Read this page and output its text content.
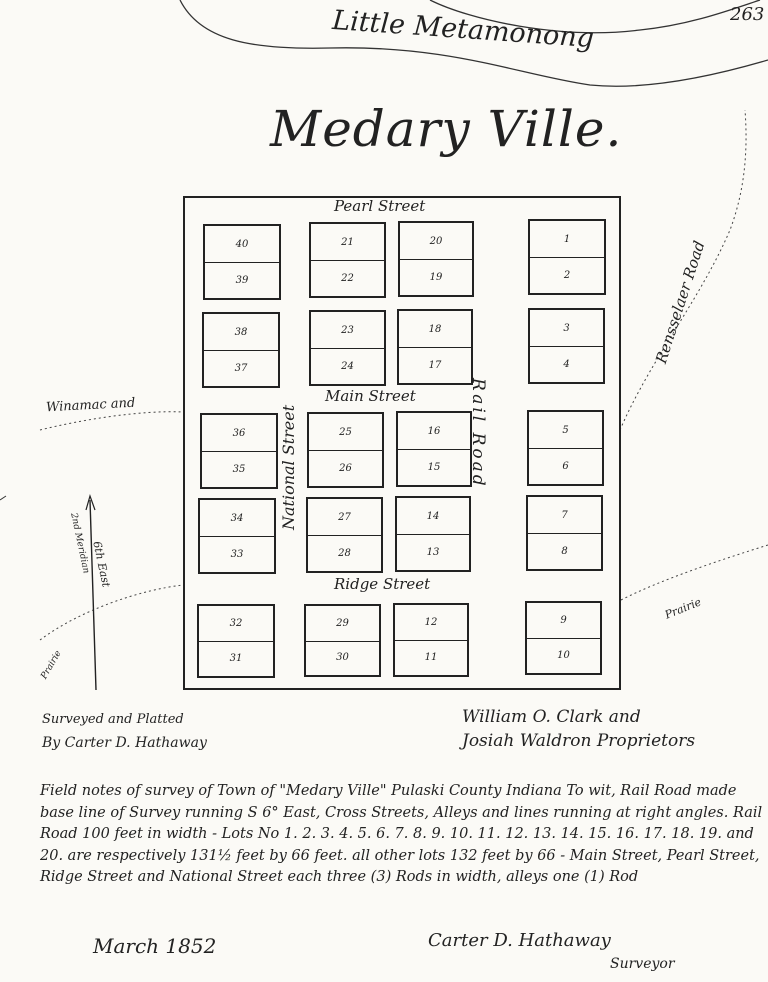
263
Little Metamonong
Medary Ville.
Pearl Street
Main Street
Ridge Street
National Street	Rail Road
40
39
21
22
20
19
1
2
38
37
23
24
18
17
3
4
36
35
25
26
16
15
5
6
34
33
27
28
14
13
7
8
32
31
29
30
12
11
9
10
Rensselaer Road
Winamac and
Prairie
Prairie
2nd Meridian 6th East
Surveyed and Platted
By Carter D. Hathaway
William O. Clark and
Josiah Waldron Proprietors
Field notes of survey of Town of "Medary Ville" Pulaski County Indiana To wit, Rail Road made base line of Survey running S 6° East, Cross Streets, Alleys and lines running at right angles. Rail Road 100 feet in width - Lots No 1. 2. 3. 4. 5. 6. 7. 8. 9. 10. 11. 12. 13. 14. 15. 16. 17. 18. 19. and 20. are respectively 131½ feet by 66 feet. all other lots 132 feet by 66 - Main Street, Pearl Street, Ridge Street and National Street each three (3) Rods in width, alleys one (1) Rod
March 1852	Carter D. Hathaway
Surveyor
